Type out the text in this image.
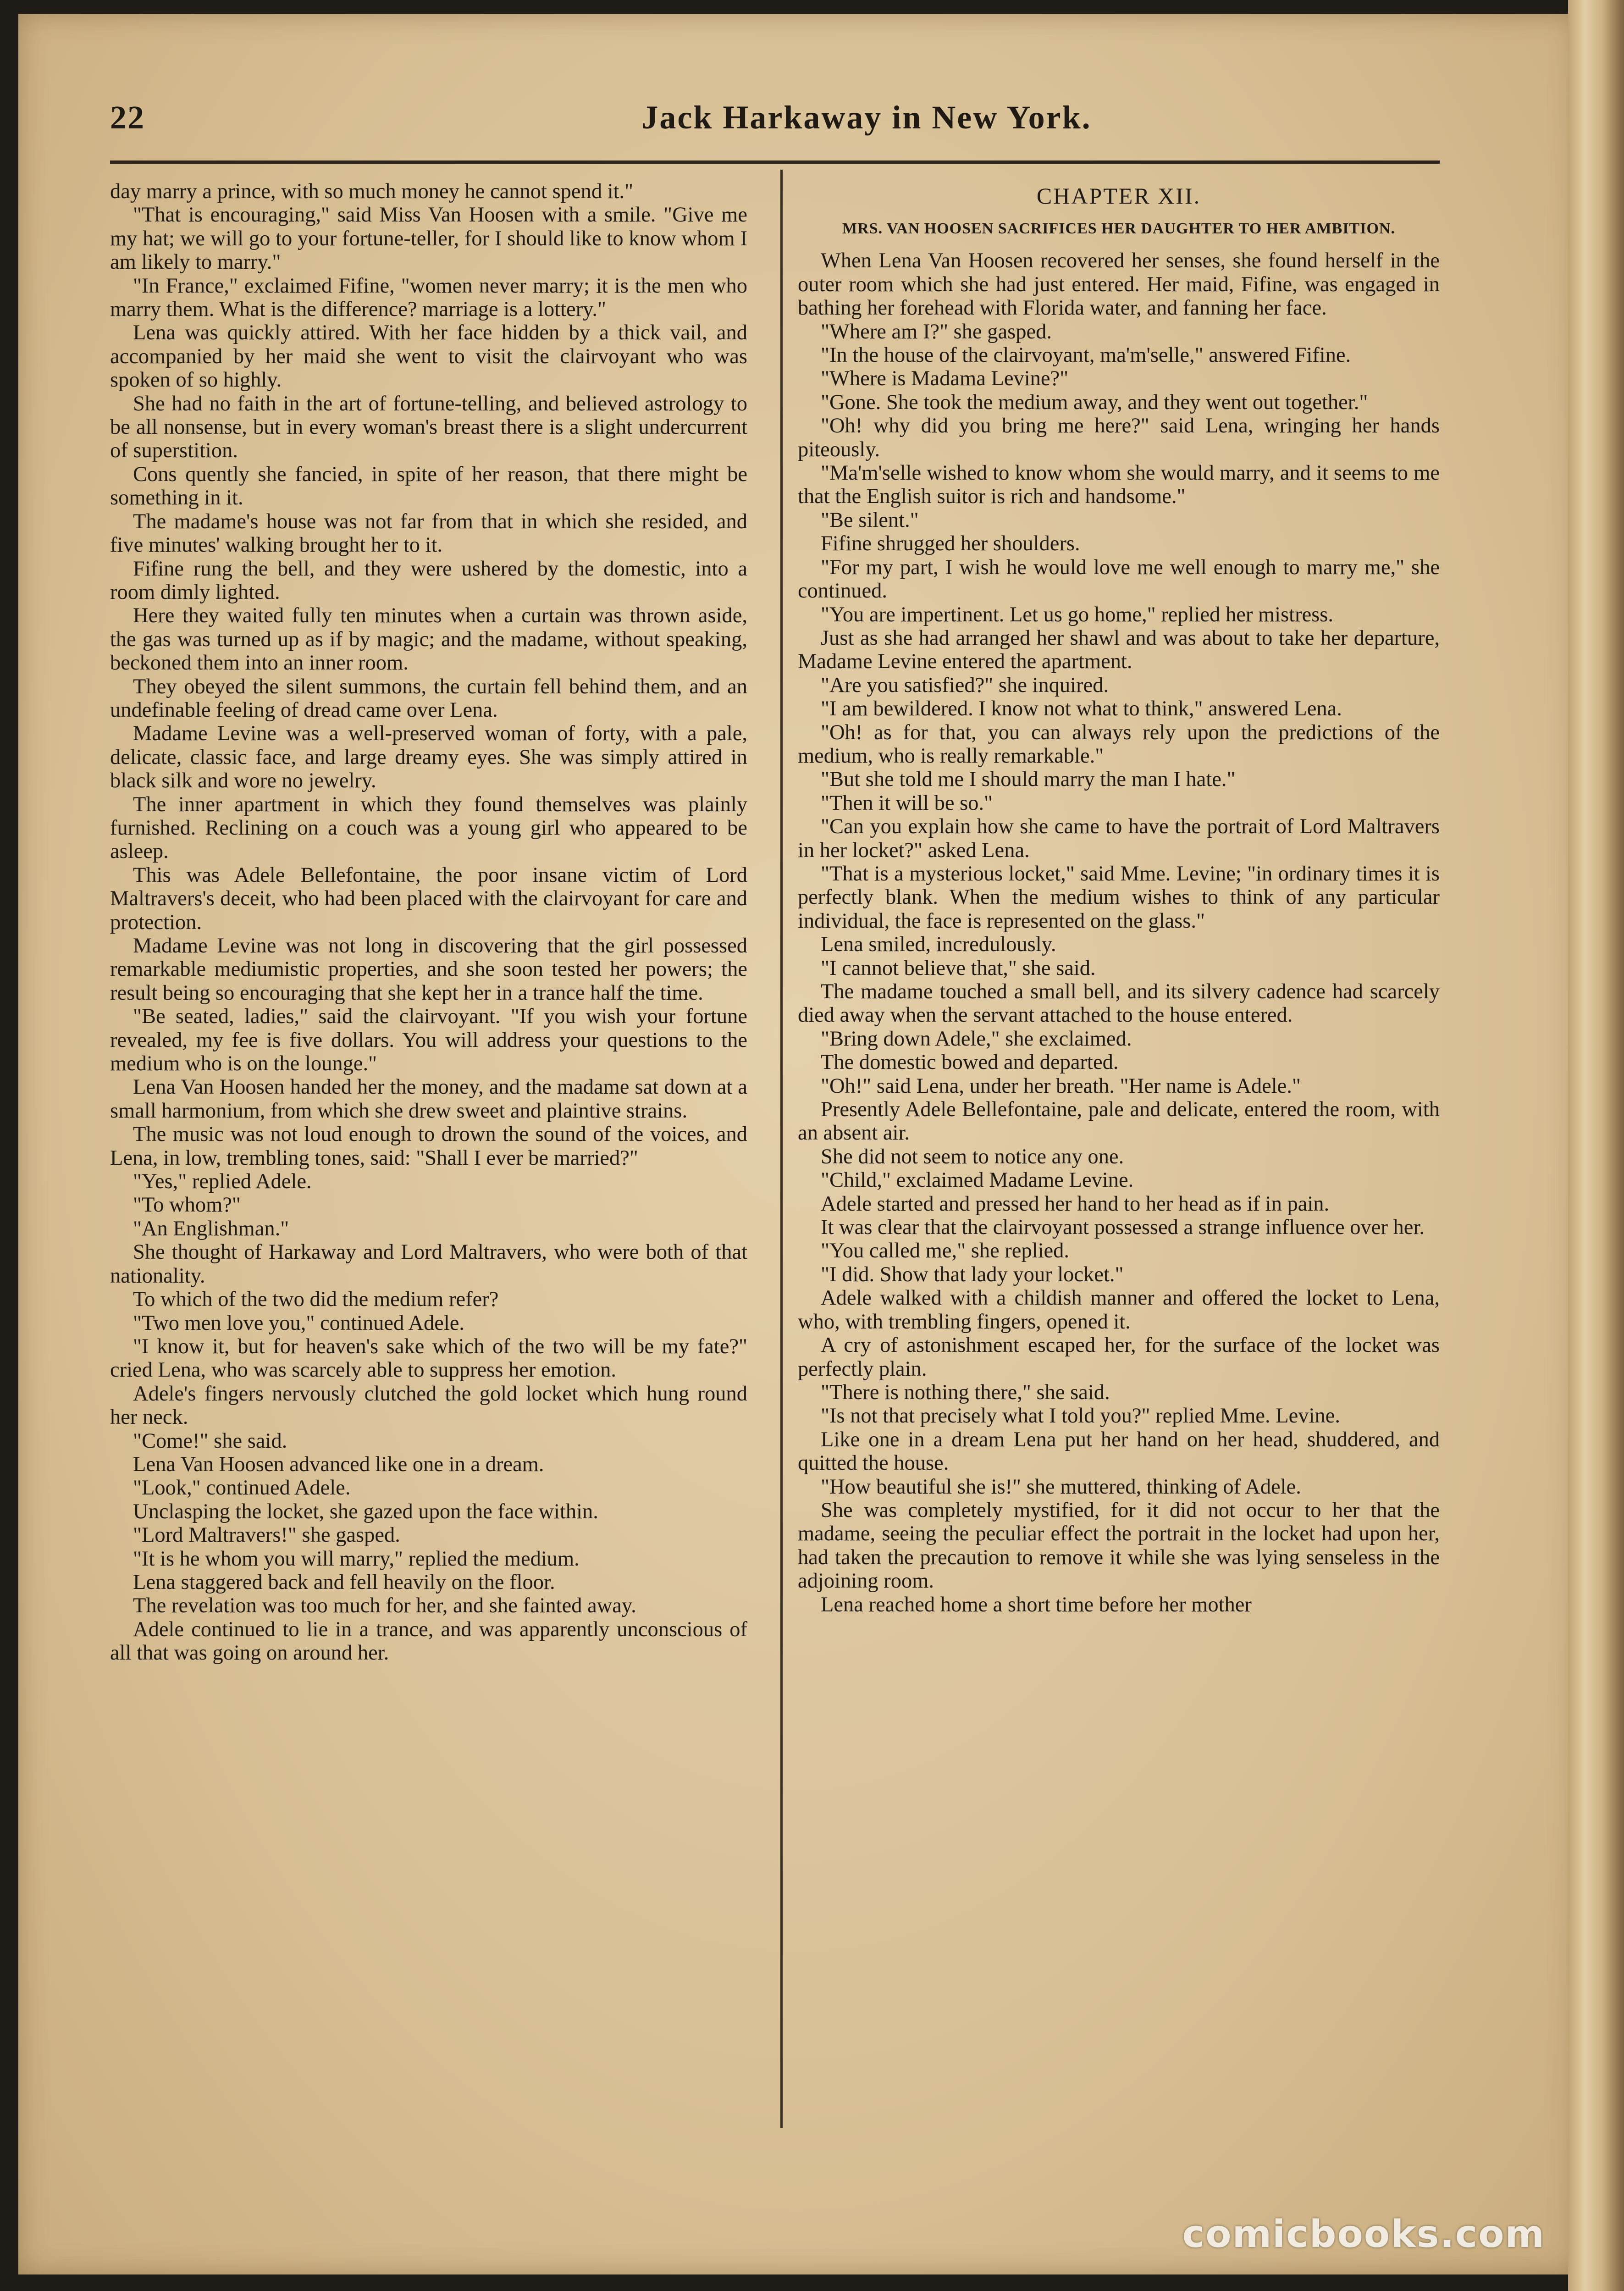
22	Jack Harkaway in New York.

day marry a prince, with so much money he cannot spend it."

"That is encouraging," said Miss Van Hoosen with a smile. "Give me my hat; we will go to your fortune-teller, for I should like to know whom I am likely to marry."

"In France," exclaimed Fifine, "women never marry; it is the men who marry them. What is the difference? marriage is a lottery."

Lena was quickly attired. With her face hidden by a thick vail, and accompanied by her maid she went to visit the clairvoyant who was spoken of so highly.

She had no faith in the art of fortune-telling, and believed astrology to be all nonsense, but in every woman's breast there is a slight undercurrent of superstition.

Cons quently she fancied, in spite of her reason, that there might be something in it.

The madame's house was not far from that in which she resided, and five minutes' walking brought her to it.

Fifine rung the bell, and they were ushered by the domestic, into a room dimly lighted.

Here they waited fully ten minutes when a curtain was thrown aside, the gas was turned up as if by magic; and the madame, without speaking, beckoned them into an inner room.

They obeyed the silent summons, the curtain fell behind them, and an undefinable feeling of dread came over Lena.

Madame Levine was a well-preserved woman of forty, with a pale, delicate, classic face, and large dreamy eyes. She was simply attired in black silk and wore no jewelry.

The inner apartment in which they found themselves was plainly furnished. Reclining on a couch was a young girl who appeared to be asleep.

This was Adele Bellefontaine, the poor insane victim of Lord Maltravers's deceit, who had been placed with the clairvoyant for care and protection.

Madame Levine was not long in discovering that the girl possessed remarkable mediumistic properties, and she soon tested her powers; the result being so encouraging that she kept her in a trance half the time.

"Be seated, ladies," said the clairvoyant. "If you wish your fortune revealed, my fee is five dollars. You will address your questions to the medium who is on the lounge."

Lena Van Hoosen handed her the money, and the madame sat down at a small harmonium, from which she drew sweet and plaintive strains.

The music was not loud enough to drown the sound of the voices, and Lena, in low, trembling tones, said: "Shall I ever be married?"

"Yes," replied Adele.

"To whom?"

"An Englishman."

She thought of Harkaway and Lord Maltravers, who were both of that nationality.

To which of the two did the medium refer?

"Two men love you," continued Adele.

"I know it, but for heaven's sake which of the two will be my fate?" cried Lena, who was scarcely able to suppress her emotion.

Adele's fingers nervously clutched the gold locket which hung round her neck.

"Come!" she said.

Lena Van Hoosen advanced like one in a dream.

"Look," continued Adele.

Unclasping the locket, she gazed upon the face within.

"Lord Maltravers!" she gasped.

"It is he whom you will marry," replied the medium.

Lena staggered back and fell heavily on the floor.

The revelation was too much for her, and she fainted away.

Adele continued to lie in a trance, and was apparently unconscious of all that was going on around her.

CHAPTER XII.
MRS. VAN HOOSEN SACRIFICES HER DAUGHTER TO HER AMBITION.

When Lena Van Hoosen recovered her senses, she found herself in the outer room which she had just entered. Her maid, Fifine, was engaged in bathing her forehead with Florida water, and fanning her face.

"Where am I?" she gasped.

"In the house of the clairvoyant, ma'm'selle," answered Fifine.

"Where is Madama Levine?"

"Gone. She took the medium away, and they went out together."

"Oh! why did you bring me here?" said Lena, wringing her hands piteously.

"Ma'm'selle wished to know whom she would marry, and it seems to me that the English suitor is rich and handsome."

"Be silent."

Fifine shrugged her shoulders.

"For my part, I wish he would love me well enough to marry me," she continued.

"You are impertinent. Let us go home," replied her mistress.

Just as she had arranged her shawl and was about to take her departure, Madame Levine entered the apartment.

"Are you satisfied?" she inquired.

"I am bewildered. I know not what to think," answered Lena.

"Oh! as for that, you can always rely upon the predictions of the medium, who is really remarkable."

"But she told me I should marry the man I hate."

"Then it will be so."

"Can you explain how she came to have the portrait of Lord Maltravers in her locket?" asked Lena.

"That is a mysterious locket," said Mme. Levine; "in ordinary times it is perfectly blank. When the medium wishes to think of any particular individual, the face is represented on the glass."

Lena smiled, incredulously.

"I cannot believe that," she said.

The madame touched a small bell, and its silvery cadence had scarcely died away when the servant attached to the house entered.

"Bring down Adele," she exclaimed.

The domestic bowed and departed.

"Oh!" said Lena, under her breath. "Her name is Adele."

Presently Adele Bellefontaine, pale and delicate, entered the room, with an absent air.

She did not seem to notice any one.

"Child," exclaimed Madame Levine.

Adele started and pressed her hand to her head as if in pain.

It was clear that the clairvoyant possessed a strange influence over her.

"You called me," she replied.

"I did. Show that lady your locket."

Adele walked with a childish manner and offered the locket to Lena, who, with trembling fingers, opened it.

A cry of astonishment escaped her, for the surface of the locket was perfectly plain.

"There is nothing there," she said.

"Is not that precisely what I told you?" replied Mme. Levine.

Like one in a dream Lena put her hand on her head, shuddered, and quitted the house.

"How beautiful she is!" she muttered, thinking of Adele.

She was completely mystified, for it did not occur to her that the madame, seeing the peculiar effect the portrait in the locket had upon her, had taken the precaution to remove it while she was lying senseless in the adjoining room.

Lena reached home a short time before her mother

comicbooks.com
